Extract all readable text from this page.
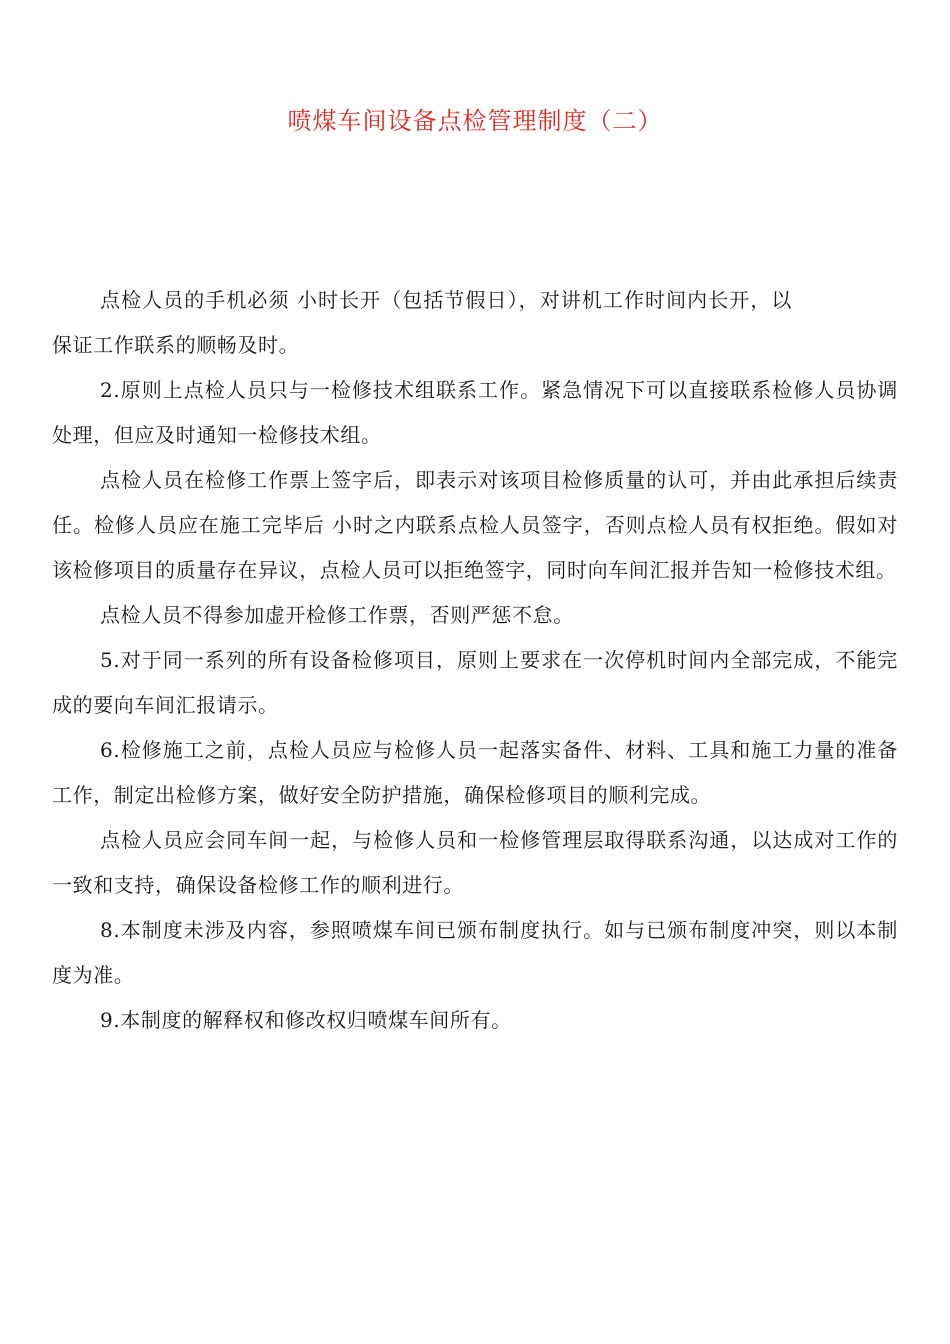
喷煤车间设备点检管理制度（二）

点检人员的手机必须 小时长开（包括节假日），对讲机工作时间内长开，以保证工作联系的顺畅及时。

2.原则上点检人员只与一检修技术组联系工作。紧急情况下可以直接联系检修人员协调处理，但应及时通知一检修技术组。

点检人员在检修工作票上签字后，即表示对该项目检修质量的认可，并由此承担后续责任。检修人员应在施工完毕后 小时之内联系点检人员签字，否则点检人员有权拒绝。假如对该检修项目的质量存在异议，点检人员可以拒绝签字，同时向车间汇报并告知一检修技术组。

点检人员不得参加虚开检修工作票，否则严惩不怠。

5.对于同一系列的所有设备检修项目，原则上要求在一次停机时间内全部完成，不能完成的要向车间汇报请示。

6.检修施工之前，点检人员应与检修人员一起落实备件、材料、工具和施工力量的准备工作，制定出检修方案，做好安全防护措施，确保检修项目的顺利完成。

点检人员应会同车间一起，与检修人员和一检修管理层取得联系沟通，以达成对工作的一致和支持，确保设备检修工作的顺利进行。

8.本制度未涉及内容，参照喷煤车间已颁布制度执行。如与已颁布制度冲突，则以本制度为准。

9.本制度的解释权和修改权归喷煤车间所有。
